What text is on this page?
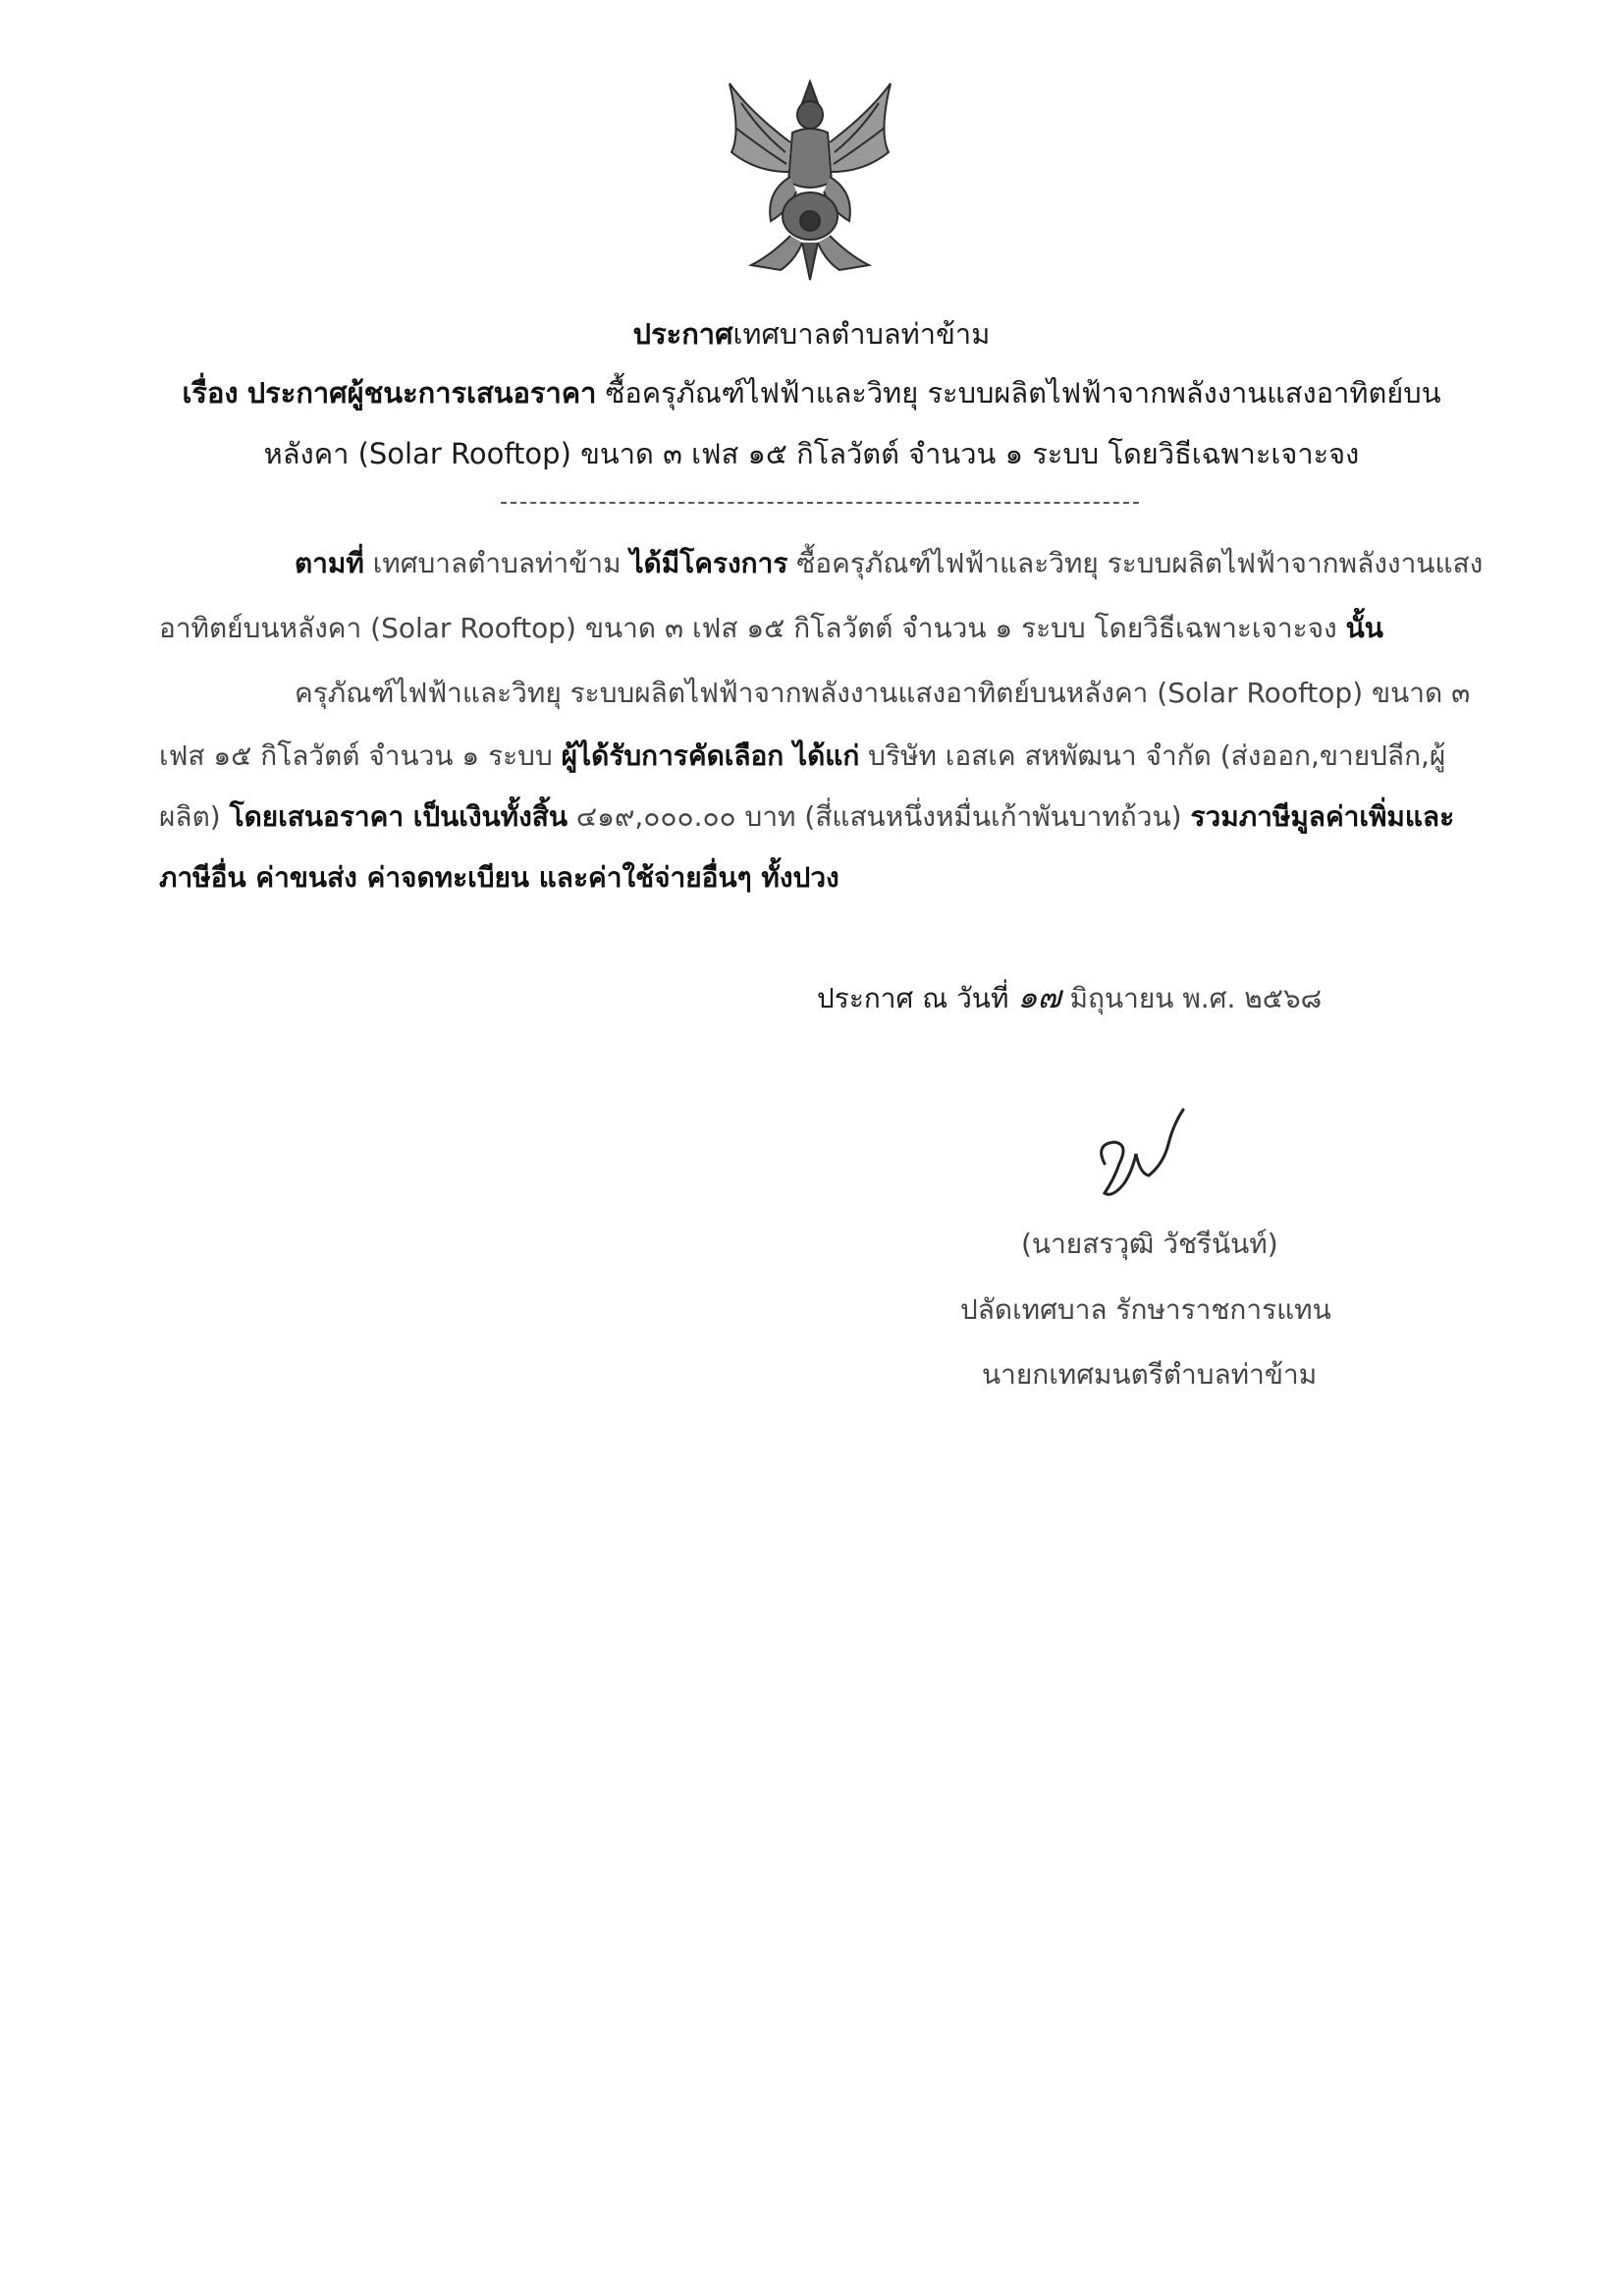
ประกาศเทศบาลตำบลท่าข้าม
เรื่อง ประกาศผู้ชนะการเสนอราคา ซื้อครุภัณฑ์ไฟฟ้าและวิทยุ ระบบผลิตไฟฟ้าจากพลังงานแสงอาทิตย์บน
หลังคา (Solar Rooftop) ขนาด ๓ เฟส ๑๕ กิโลวัตต์ จำนวน ๑ ระบบ โดยวิธีเฉพาะเจาะจง
ตามที่ เทศบาลตำบลท่าข้าม ได้มีโครงการ ซื้อครุภัณฑ์ไฟฟ้าและวิทยุ ระบบผลิตไฟฟ้าจากพลังงานแสง
อาทิตย์บนหลังคา (Solar Rooftop) ขนาด ๓ เฟส ๑๕ กิโลวัตต์ จำนวน ๑ ระบบ โดยวิธีเฉพาะเจาะจง นั้น
ครุภัณฑ์ไฟฟ้าและวิทยุ ระบบผลิตไฟฟ้าจากพลังงานแสงอาทิตย์บนหลังคา (Solar Rooftop) ขนาด ๓
เฟส ๑๕ กิโลวัตต์ จำนวน ๑ ระบบ ผู้ได้รับการคัดเลือก ได้แก่ บริษัท เอสเค สหพัฒนา จำกัด (ส่งออก,ขายปลีก,ผู้
ผลิต) โดยเสนอราคา เป็นเงินทั้งสิ้น ๔๑๙,๐๐๐.๐๐ บาท (สี่แสนหนึ่งหมื่นเก้าพันบาทถ้วน) รวมภาษีมูลค่าเพิ่มและ
ภาษีอื่น ค่าขนส่ง ค่าจดทะเบียน และค่าใช้จ่ายอื่นๆ ทั้งปวง
ประกาศ ณ วันที่ ๑๗ มิถุนายน พ.ศ. ๒๕๖๘
(นายสรวุฒิ วัชรีนันท์)
ปลัดเทศบาล รักษาราชการแทน
นายกเทศมนตรีตำบลท่าข้าม
